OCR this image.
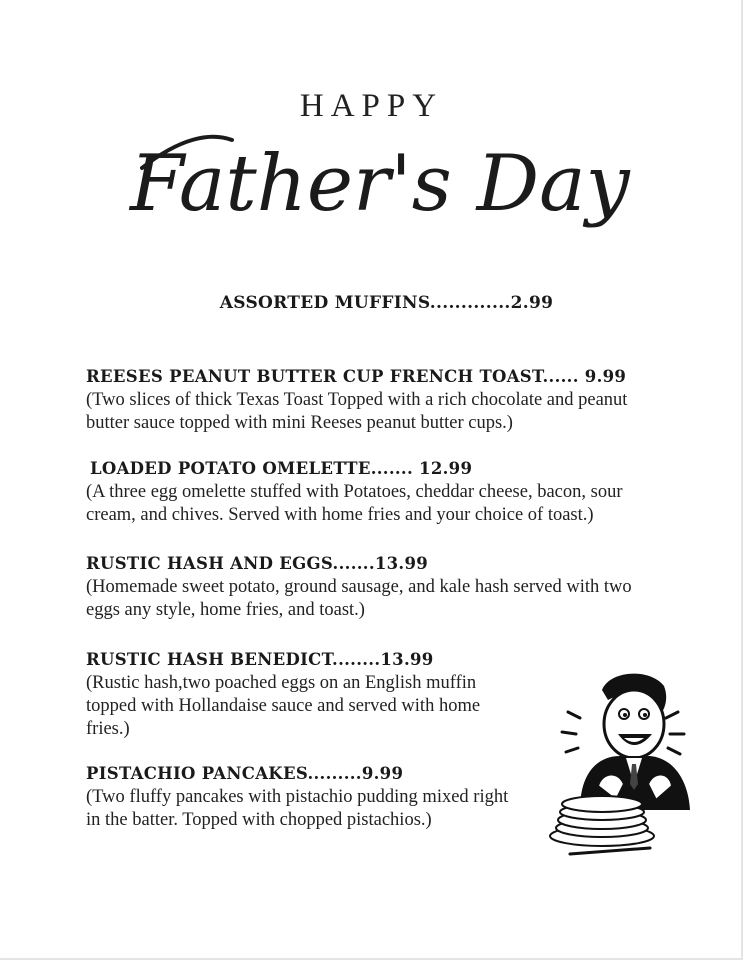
HAPPY
Father's Day
ASSORTED MUFFINS.............2.99
REESES PEANUT BUTTER CUP FRENCH TOAST...... 9.99
(Two slices of thick Texas Toast Topped with a rich chocolate and peanut butter sauce topped with mini Reeses peanut butter cups.)
LOADED POTATO OMELETTE....... 12.99
(A three egg omelette stuffed with Potatoes, cheddar cheese, bacon, sour cream, and chives. Served with home fries and your choice of toast.)
RUSTIC HASH AND EGGS.......13.99
(Homemade sweet potato, ground sausage, and kale hash served with two eggs any style, home fries, and toast.)
RUSTIC HASH BENEDICT........13.99
(Rustic hash,two poached eggs on an English muffin topped with Hollandaise sauce and served with home fries.)
PISTACHIO PANCAKES.........9.99
(Two fluffy pancakes with pistachio pudding mixed right in the batter. Topped with chopped pistachios.)
